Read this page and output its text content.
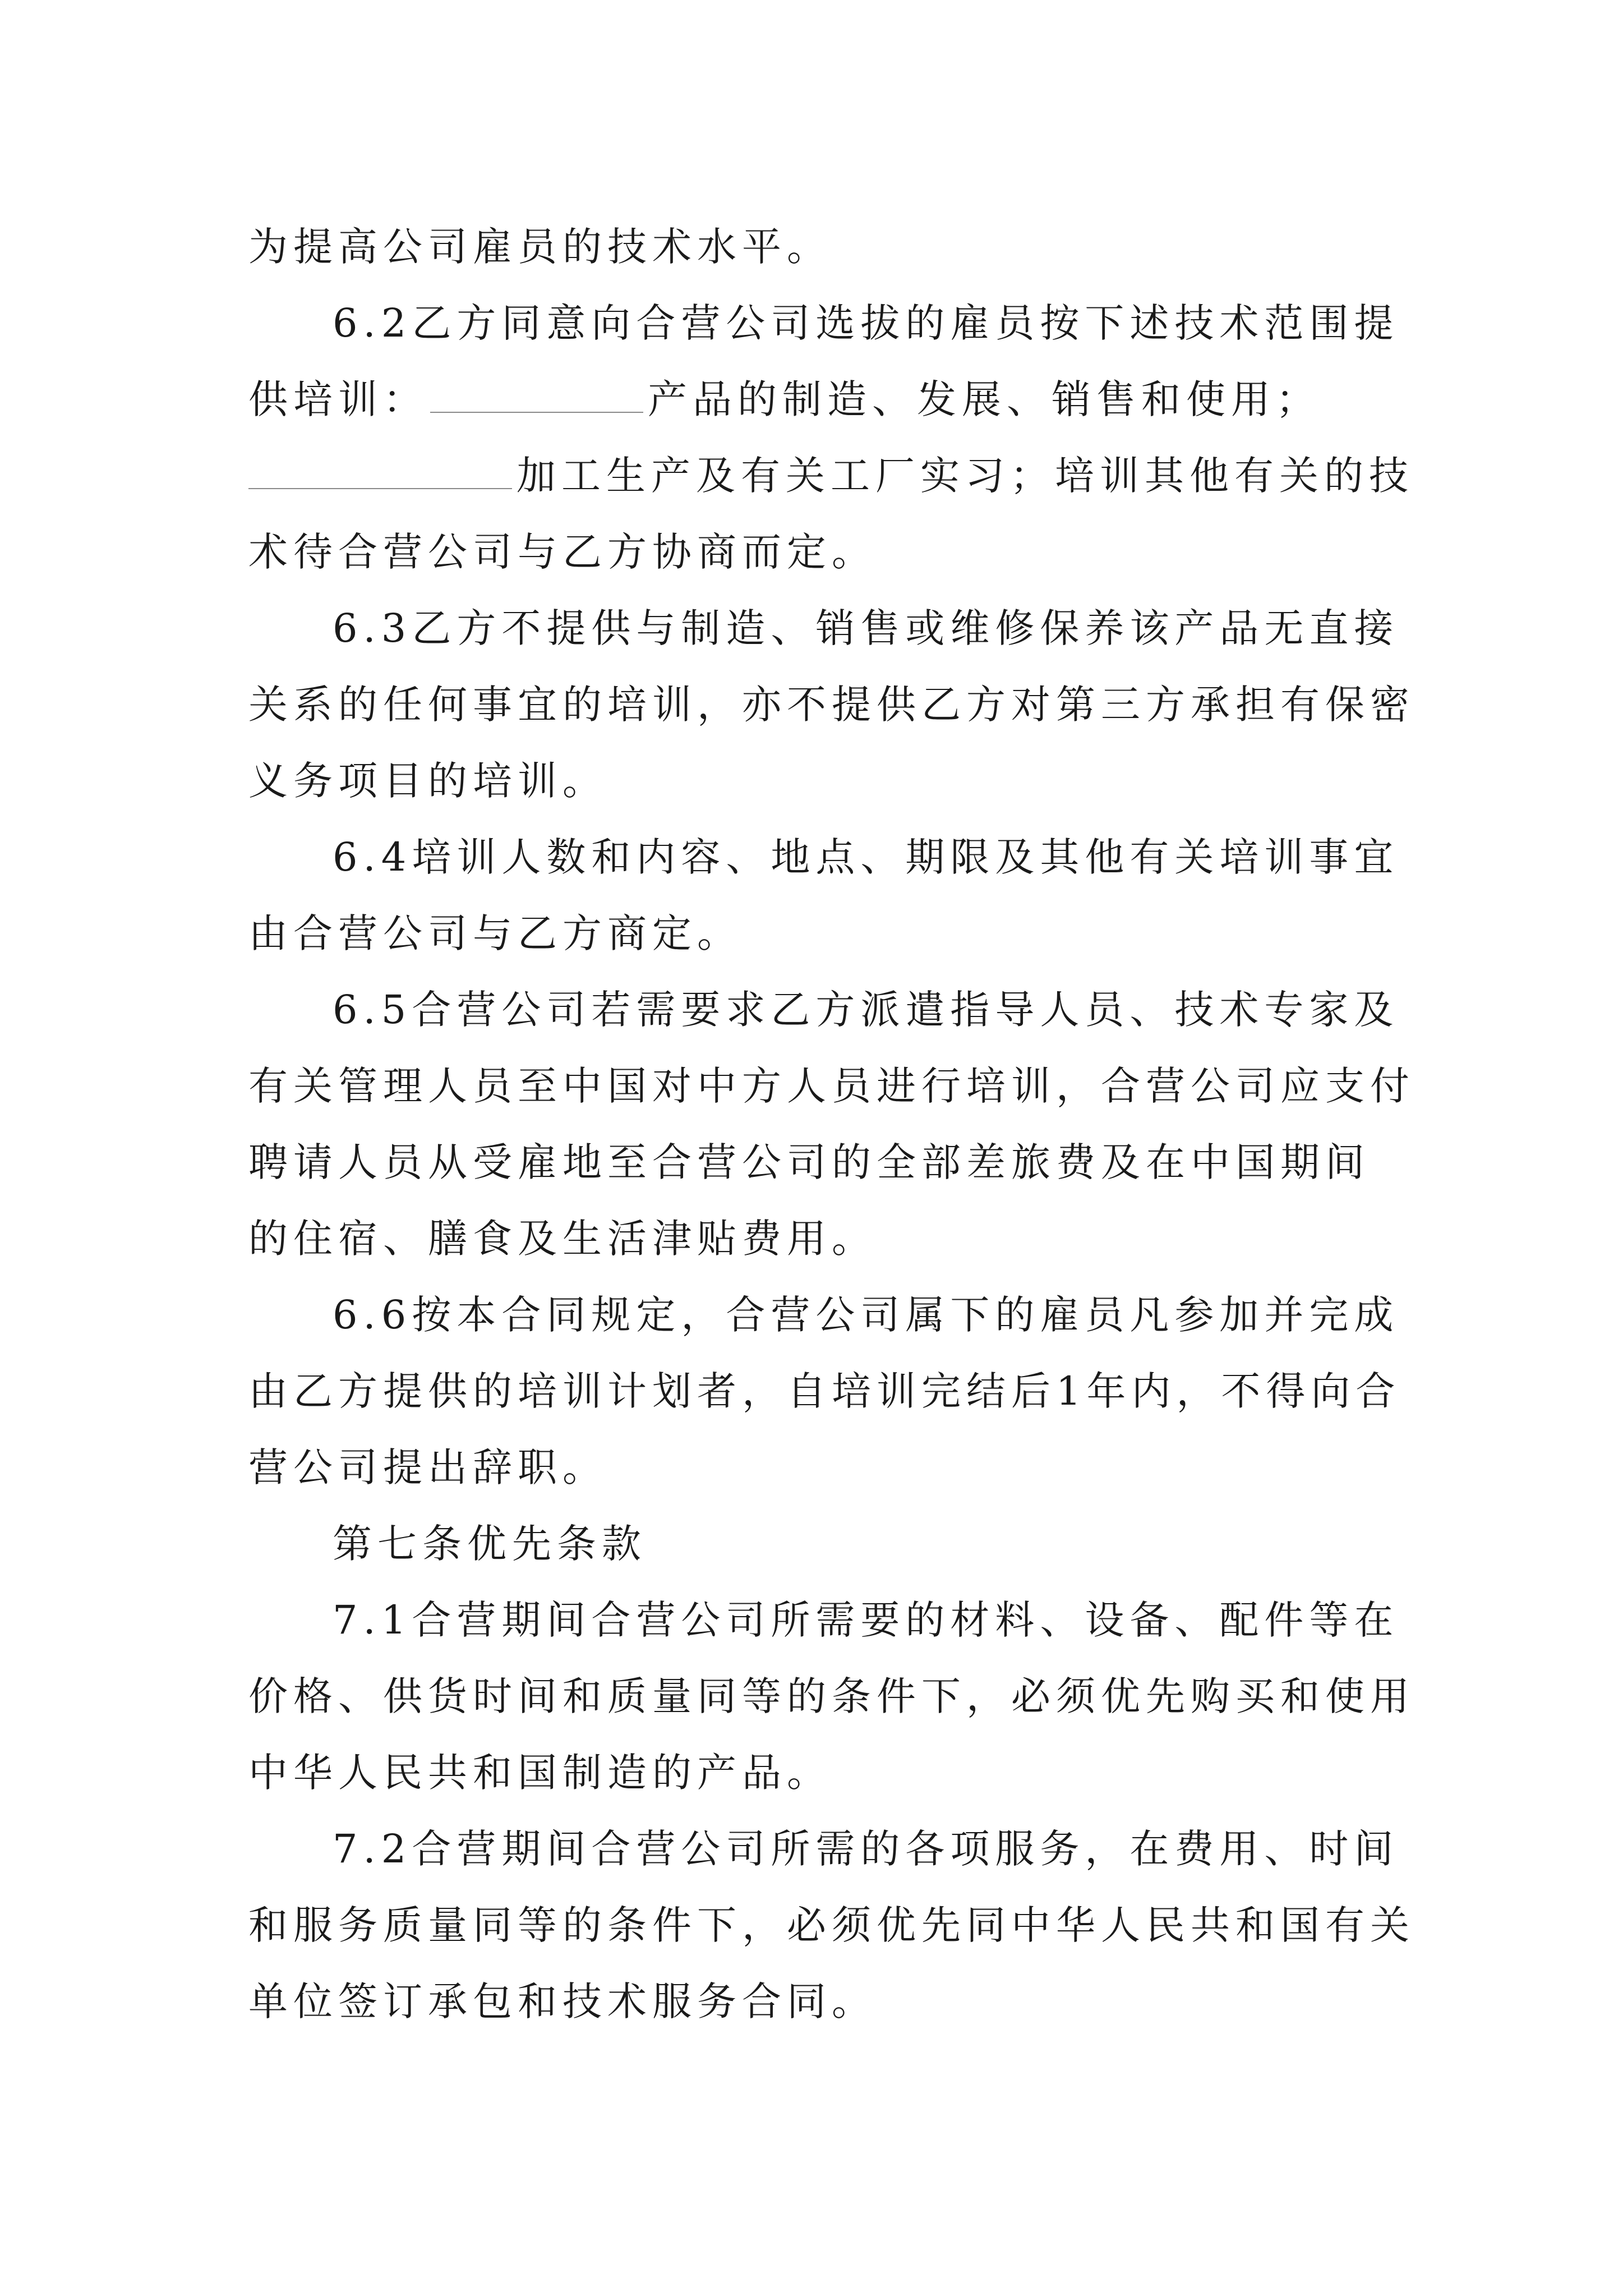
为提高公司雇员的技术水平。
6.2乙方同意向合营公司选拔的雇员按下述技术范围提
供培训：	产品的制造、发展、销售和使用；
加工生产及有关工厂实习；培训其他有关的技
术待合营公司与乙方协商而定。
6.3乙方不提供与制造、销售或维修保养该产品无直接
关系的任何事宜的培训，亦不提供乙方对第三方承担有保密
义务项目的培训。
6.4培训人数和内容、地点、期限及其他有关培训事宜
由合营公司与乙方商定。
6.5合营公司若需要求乙方派遣指导人员、技术专家及
有关管理人员至中国对中方人员进行培训，合营公司应支付
聘请人员从受雇地至合营公司的全部差旅费及在中国期间
的住宿、膳食及生活津贴费用。
6.6按本合同规定，合营公司属下的雇员凡参加并完成
由乙方提供的培训计划者，自培训完结后1年内，不得向合
营公司提出辞职。
第七条优先条款
7.1合营期间合营公司所需要的材料、设备、配件等在
价格、供货时间和质量同等的条件下，必须优先购买和使用
中华人民共和国制造的产品。
7.2合营期间合营公司所需的各项服务，在费用、时间
和服务质量同等的条件下，必须优先同中华人民共和国有关
单位签订承包和技术服务合同。
